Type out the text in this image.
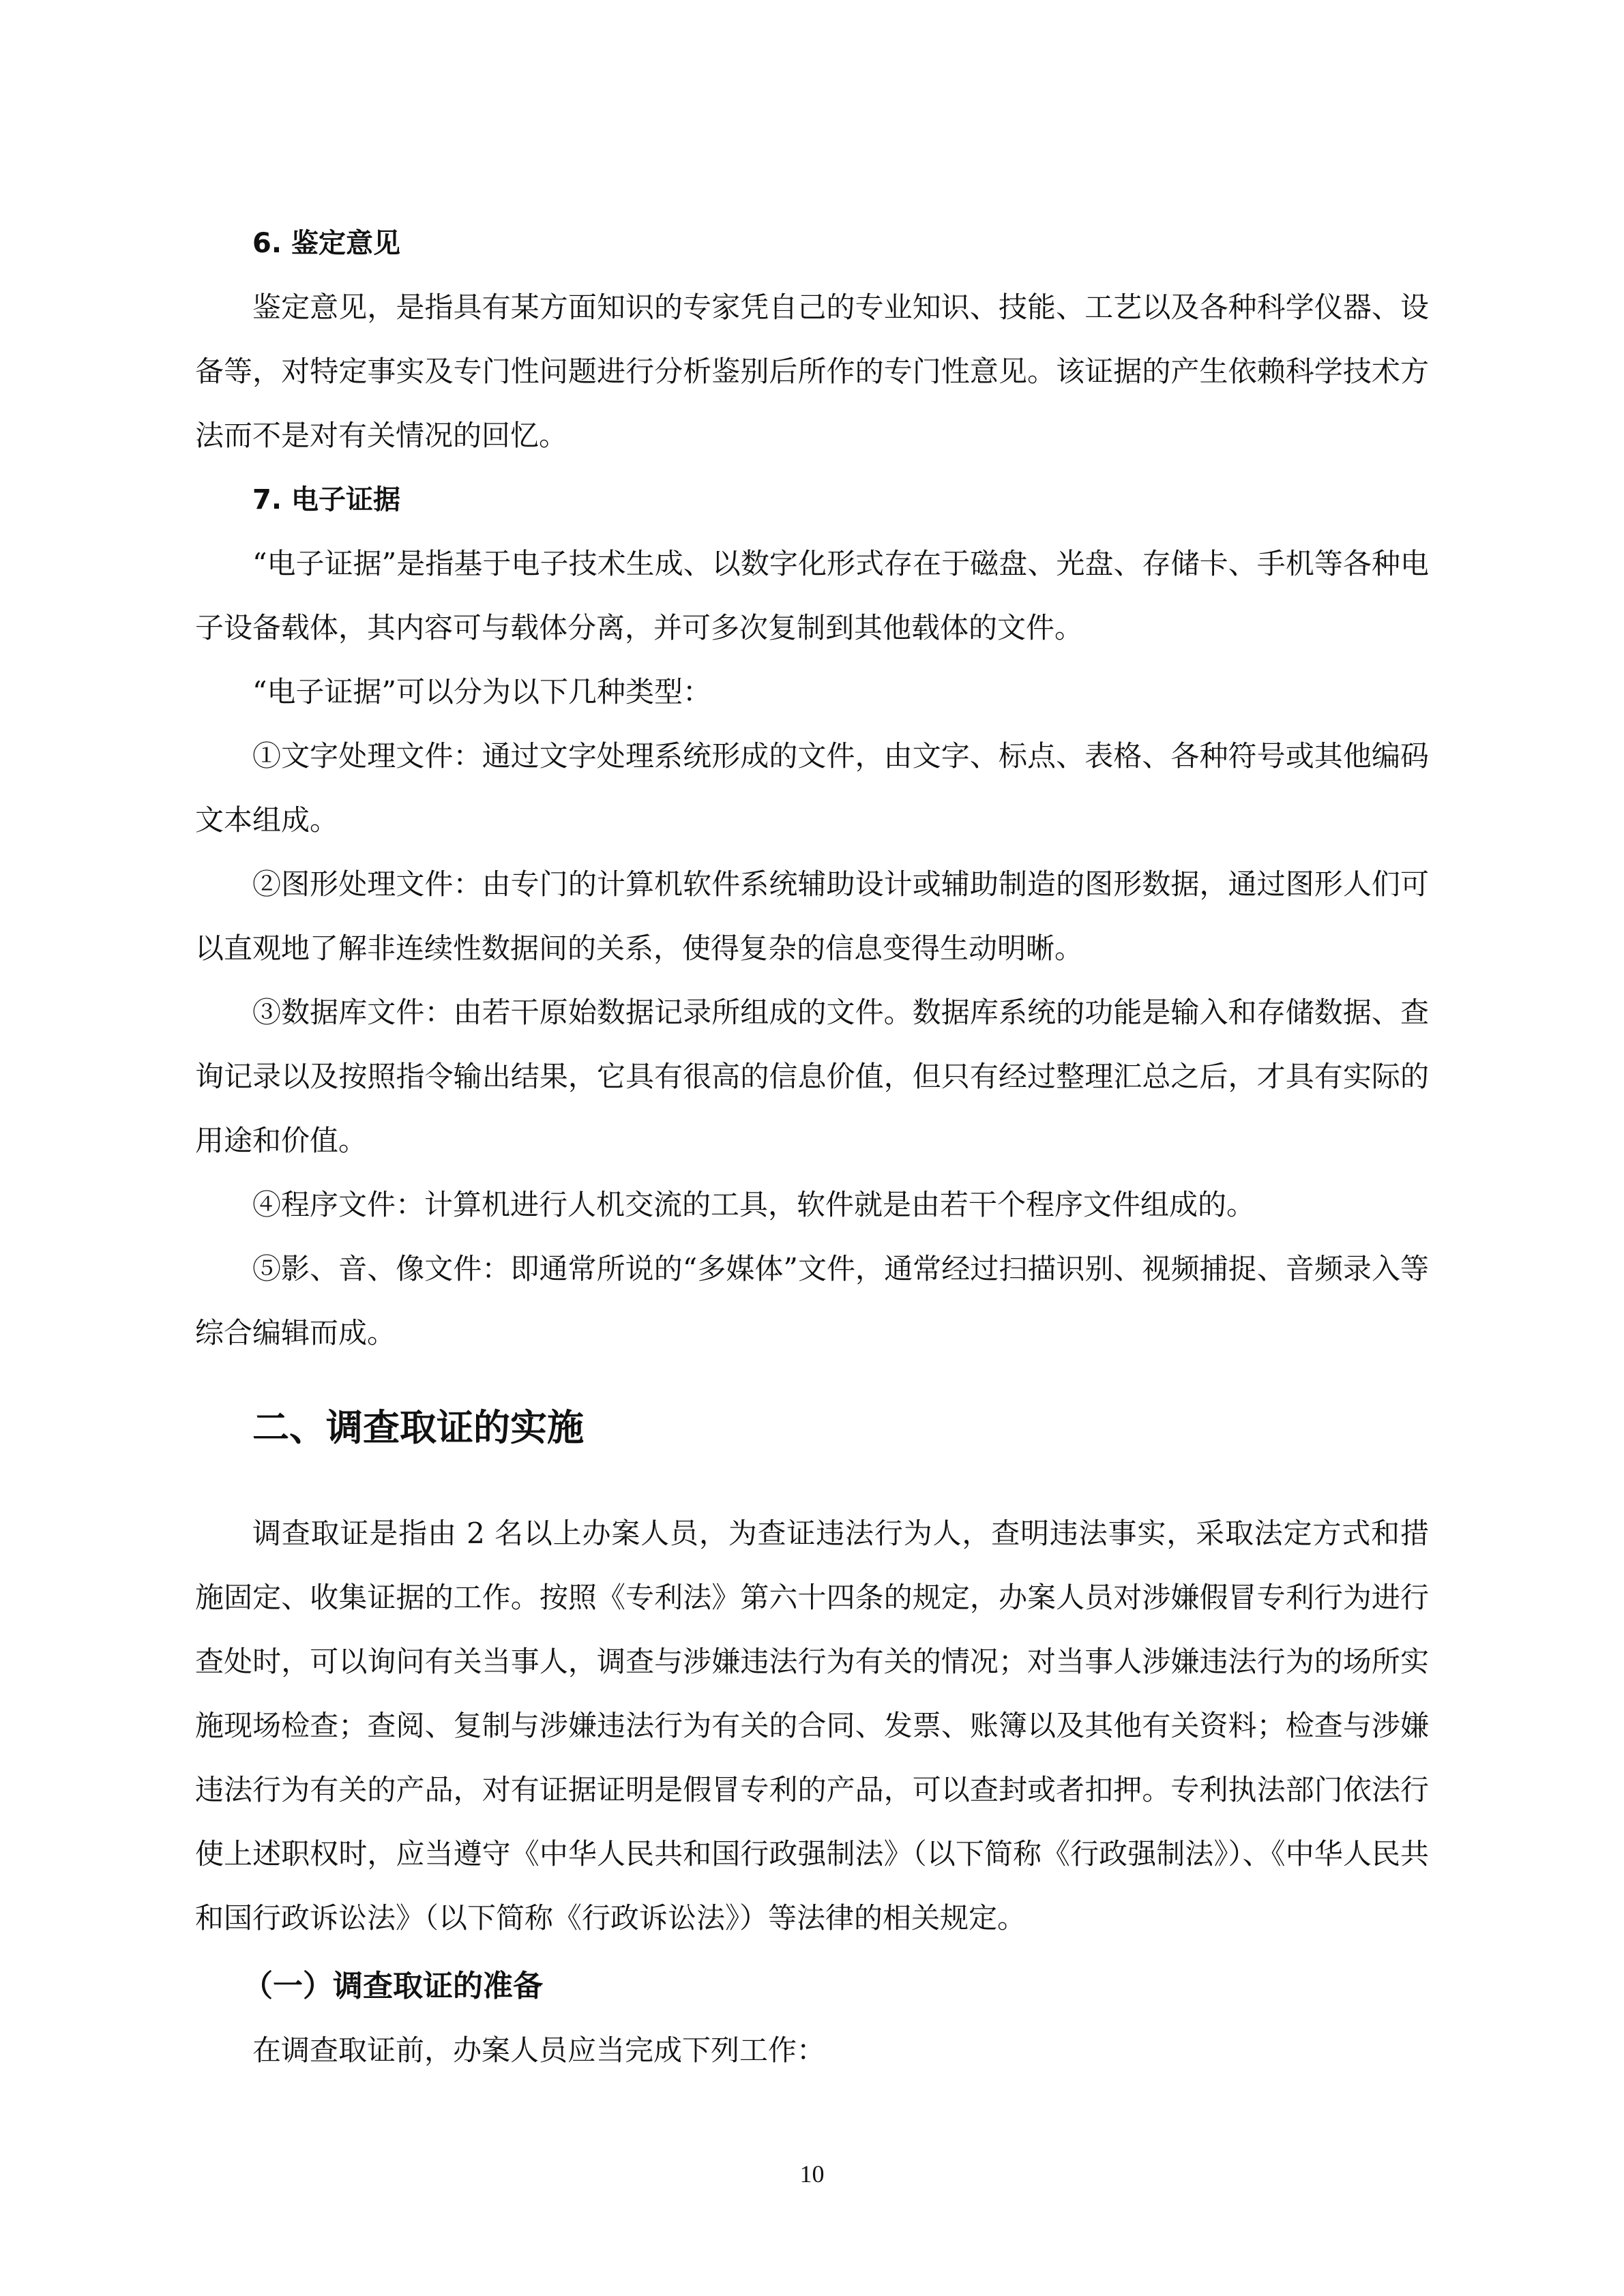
6. 鉴定意见

鉴定意见，是指具有某方面知识的专家凭自己的专业知识、技能、工艺以及各种科学仪器、设备等，对特定事实及专门性问题进行分析鉴别后所作的专门性意见。该证据的产生依赖科学技术方法而不是对有关情况的回忆。

7. 电子证据

“电子证据”是指基于电子技术生成、以数字化形式存在于磁盘、光盘、存储卡、手机等各种电子设备载体，其内容可与载体分离，并可多次复制到其他载体的文件。

“电子证据”可以分为以下几种类型：

①文字处理文件：通过文字处理系统形成的文件，由文字、标点、表格、各种符号或其他编码文本组成。

②图形处理文件：由专门的计算机软件系统辅助设计或辅助制造的图形数据，通过图形人们可以直观地了解非连续性数据间的关系，使得复杂的信息变得生动明晰。

③数据库文件：由若干原始数据记录所组成的文件。数据库系统的功能是输入和存储数据、查询记录以及按照指令输出结果，它具有很高的信息价值，但只有经过整理汇总之后，才具有实际的用途和价值。

④程序文件：计算机进行人机交流的工具，软件就是由若干个程序文件组成的。

⑤影、音、像文件：即通常所说的“多媒体”文件，通常经过扫描识别、视频捕捉、音频录入等综合编辑而成。

二、调查取证的实施

调查取证是指由 2 名以上办案人员，为查证违法行为人，查明违法事实，采取法定方式和措施固定、收集证据的工作。按照《专利法》第六十四条的规定，办案人员对涉嫌假冒专利行为进行查处时，可以询问有关当事人，调查与涉嫌违法行为有关的情况；对当事人涉嫌违法行为的场所实施现场检查；查阅、复制与涉嫌违法行为有关的合同、发票、账簿以及其他有关资料；检查与涉嫌违法行为有关的产品，对有证据证明是假冒专利的产品，可以查封或者扣押。专利执法部门依法行使上述职权时，应当遵守《中华人民共和国行政强制法》（以下简称《行政强制法》）、《中华人民共和国行政诉讼法》（以下简称《行政诉讼法》）等法律的相关规定。

（一）调查取证的准备

在调查取证前，办案人员应当完成下列工作：

10
